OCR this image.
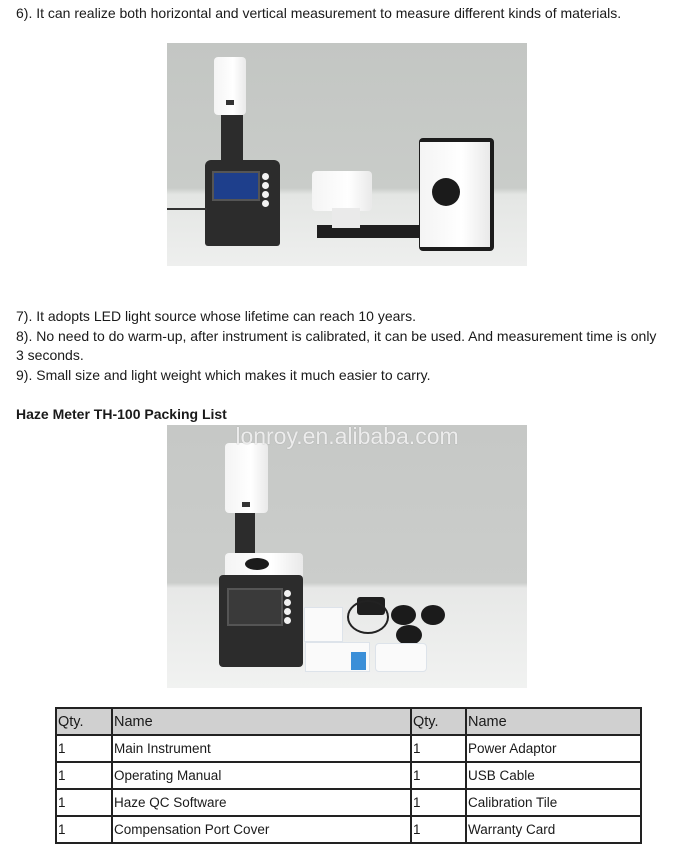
6). It can realize both horizontal and vertical measurement to measure different kinds of materials.
7). It adopts LED light source whose lifetime can reach 10 years.
8). No need to do warm-up, after instrument is calibrated, it can be used. And measurement time is only
3 seconds.
9). Small size and light weight which makes it much easier to carry.
Haze Meter TH-100 Packing List
lonroy.en.alibaba.com
Qty.	Name	Qty.	Name
1	Main Instrument	1	Power Adaptor
1	Operating Manual	1	USB Cable
1	Haze QC Software	1	Calibration Tile
1	Compensation Port Cover	1	Warranty Card
